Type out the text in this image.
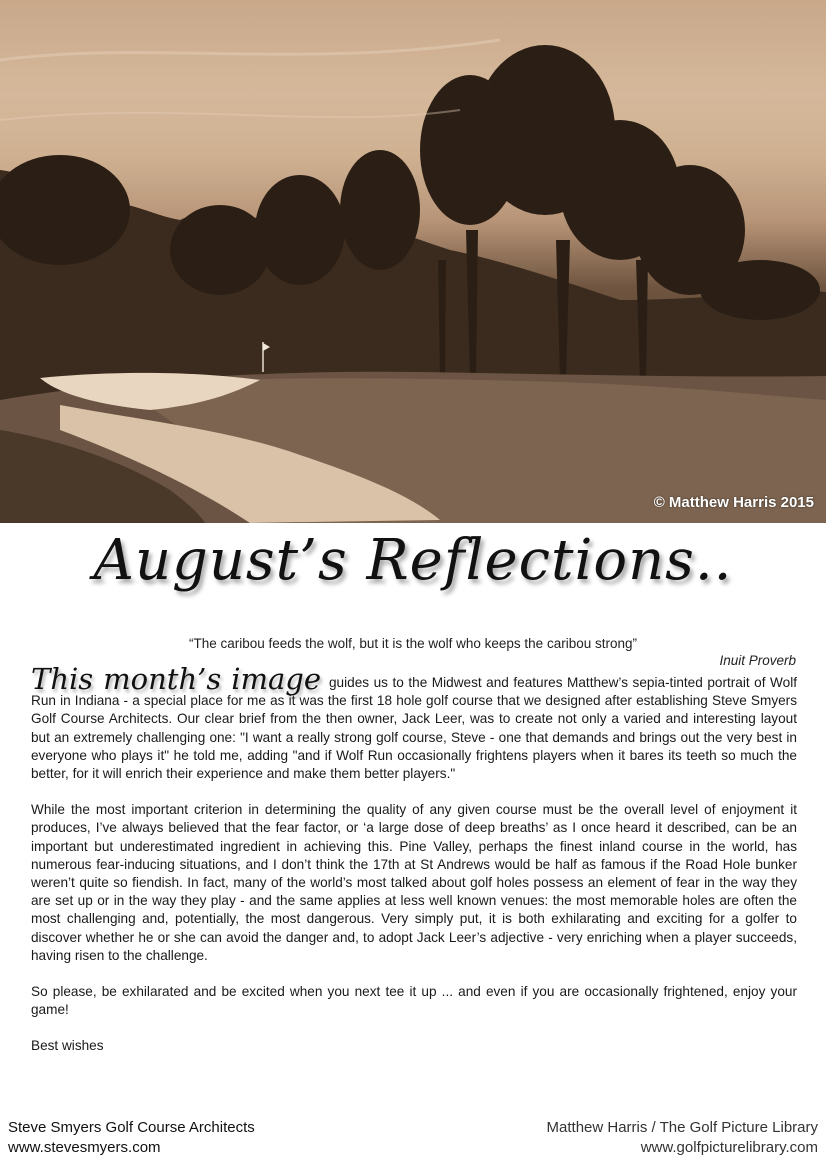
© Matthew Harris 2015
August’s Reflections..
“The caribou feeds the wolf, but it is the wolf who keeps the caribou strong”
Inuit Proverb

This month’s image guides us to the Midwest and features Matthew’s sepia-tinted portrait of Wolf Run in Indiana - a special place for me as it was the first 18 hole golf course that we designed after establishing Steve Smyers Golf Course Architects. Our clear brief from the then owner, Jack Leer, was to create not only a varied and interesting layout but an extremely challenging one: "I want a really strong golf course, Steve - one that demands and brings out the very best in everyone who plays it" he told me, adding "and if Wolf Run occasionally frightens players when it bares its teeth so much the better, for it will enrich their experience and make them better players."

While the most important criterion in determining the quality of any given course must be the overall level of enjoyment it produces, I’ve always believed that the fear factor, or ‘a large dose of deep breaths’ as I once heard it described, can be an important but underestimated ingredient in achieving this. Pine Valley, perhaps the finest inland course in the world, has numerous fear-inducing situations, and I don’t think the 17th at St Andrews would be half as famous if the Road Hole bunker weren’t quite so fiendish. In fact, many of the world’s most talked about golf holes possess an element of fear in the way they are set up or in the way they play - and the same applies at less well known venues: the most memorable holes are often the most challenging and, potentially, the most dangerous. Very simply put, it is both exhilarating and exciting for a golfer to discover whether he or she can avoid the danger and, to adopt Jack Leer’s adjective - very enriching when a player succeeds, having risen to the challenge.

So please, be exhilarated and be excited when you next tee it up ... and even if you are occasionally frightened, enjoy your game!

Best wishes

Steve Smyers Golf Course Architects
www.stevesmyers.com
Matthew Harris / The Golf Picture Library
www.golfpicturelibrary.com
